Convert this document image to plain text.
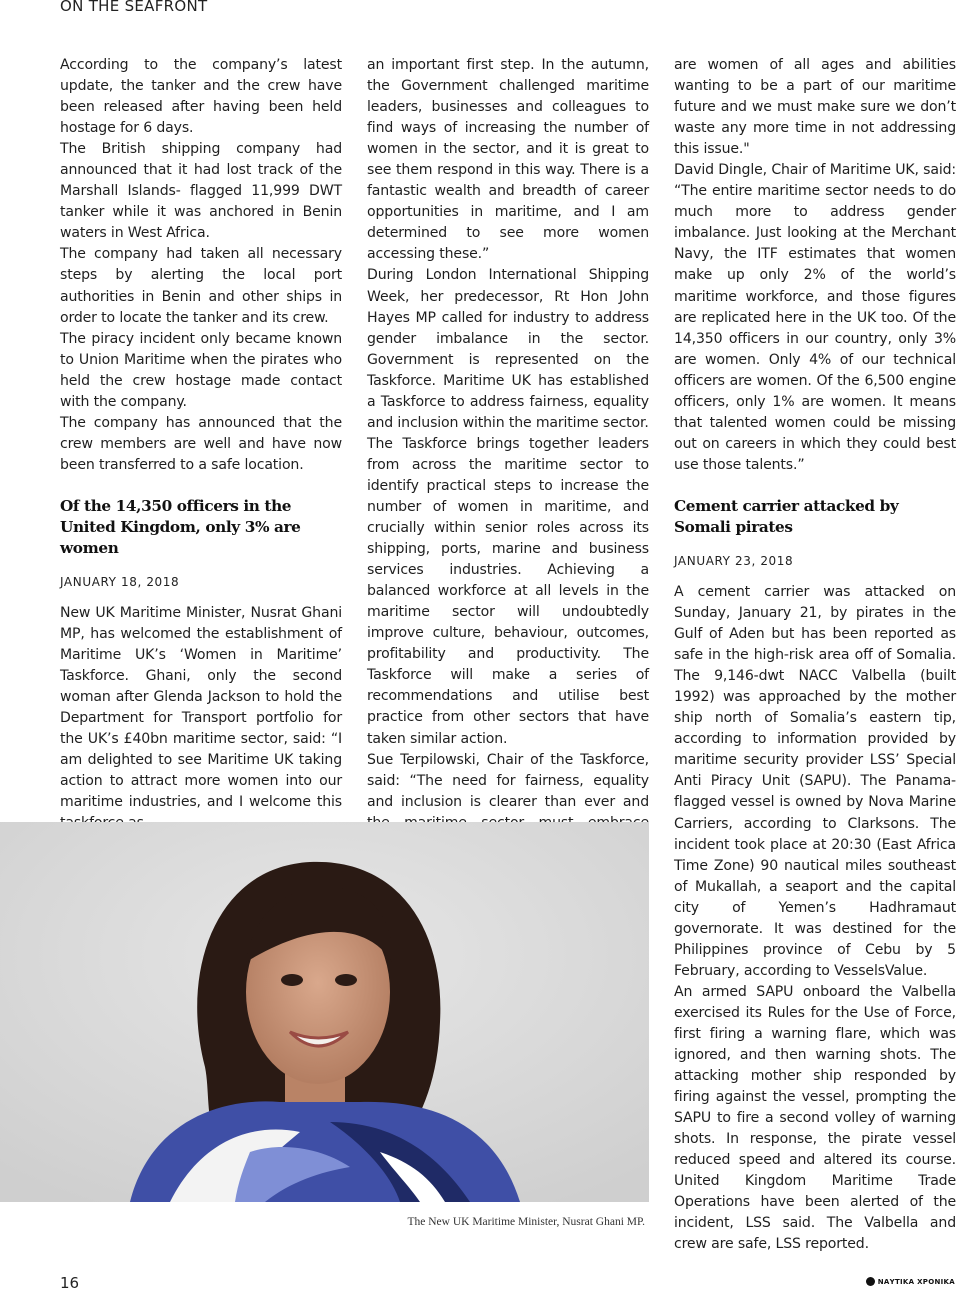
ON THE SEAFRONT

According to the company’s latest update, the tanker and the crew have been released after having been held hostage for 6 days.

The British shipping company had announced that it had lost track of the Marshall Islands- flagged 11,999 DWT tanker while it was anchored in Benin waters in West Africa.

The company had taken all necessary steps by alerting the local port authorities in Benin and other ships in order to locate the tanker and its crew.

The piracy incident only became known to Union Maritime when the pirates who held the crew hostage made contact with the company.

The company has announced that the crew members are well and have now been transferred to a safe location.

Of the 14,350 officers in the United Kingdom, only 3% are women
JANUARY 18, 2018

New UK Maritime Minister, Nusrat Ghani MP, has welcomed the establishment of Maritime UK’s ‘Women in Maritime’ Taskforce. Ghani, only the second woman after Glenda Jackson to hold the Department for Transport portfolio for the UK’s £40bn maritime sector, said: “I am delighted to see Maritime UK taking action to attract more women into our maritime industries, and I welcome this

an important first step. In the autumn, the Government challenged maritime leaders, businesses and colleagues to find ways of increasing the number of women in the sector, and it is great to see them respond in this way. There is a fantastic wealth and breadth of career opportunities in maritime, and I am determined to see more women accessing these.”

During London International Shipping Week, her predecessor, Rt Hon John Hayes MP called for industry to address gender imbalance in the sector. Government is represented on the Taskforce. Maritime UK has established a Taskforce to address fairness, equality and inclusion within the maritime sector.

The Taskforce brings together leaders from across the maritime sector to identify practical steps to increase the number of women in maritime, and crucially within senior roles across its shipping, ports, marine and business services industries. Achieving a balanced workforce at all levels in the maritime sector will undoubtedly improve culture, behaviour, outcomes, profitability and productivity. The Taskforce will make a series of recommendations and utilise best practice from other sectors that have taken similar action.

Sue Terpilowski, Chair of the Taskforce, said: “The need for fairness, equality and inclusion is clearer than ever and

are women of all ages and abilities wanting to be a part of our maritime future and we must make sure we don’t waste any more time in not addressing this issue."

David Dingle, Chair of Maritime UK, said: “The entire maritime sector needs to do much more to address gender imbalance. Just looking at the Merchant Navy, the ITF estimates that women make up only 2% of the world’s maritime workforce, and those figures are replicated here in the UK too. Of the 14,350 officers in our country, only 3% are women. Only 4% of our technical officers are women. Of the 6,500 engine officers, only 1% are women. It means that talented women could be missing out on careers in which they could best use those talents.”

Cement carrier attacked by Somali pirates
JANUARY 23, 2018

A cement carrier was attacked on Sunday, January 21, by pirates in the Gulf of Aden but has been reported as safe in the high-risk area off of Somalia. The 9,146-dwt NACC Valbella (built 1992) was approached by the mother ship north of Somalia’s eastern tip, according to information provided by maritime security provider LSS’ Special Anti Piracy Unit (SAPU). The Panama-flagged vessel is owned by Nova Marine Carriers, according to Clarksons. The incident took place at 20:30 (East Africa Time Zone) 90 nautical miles southeast of Mukallah, a seaport and the capital city of Yemen’s Hadhramaut governorate. It was destined for the Philippines province of Cebu by 5 February, according to VesselsValue.

An armed SAPU onboard the Valbella exercised its Rules for the Use of Force, first firing a warning flare, which was ignored, and then warning shots. The attacking mother ship responded by firing against the vessel, prompting the SAPU to fire a second volley of warning shots. In response, the pirate vessel reduced speed and altered its course. United Kingdom Maritime Trade Operations have been alerted of the incident, LSS said. The Valbella and crew are safe, LSS reported.

The New UK Maritime Minister, Nusrat Ghani MP.
16	ΝΑΥΤΙΚΑ ΧΡΟΝΙΚΑ
